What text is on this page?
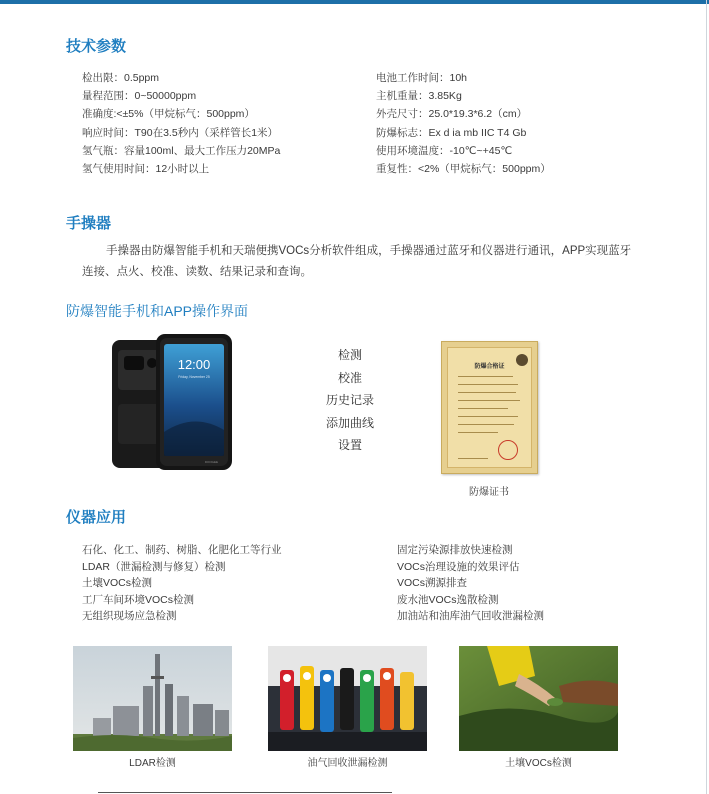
技术参数
检出限：0.5ppm
量程范围：0~50000ppm
准确度:<±5%（甲烷标气：500ppm）
响应时间：T90在3.5秒内（采样管长1米）
氢气瓶：容量100ml、最大工作压力20MPa
氢气使用时间：12小时以上
电池工作时间：10h
主机重量：3.85Kg
外壳尺寸：25.0*19.3*6.2（cm）
防爆标志：Ex d ia mb IIC T4 Gb
使用环境温度：-10℃~+45℃
重复性：<2%（甲烷标气：500ppm）
手操器
手操器由防爆智能手机和天瑞便携VOCs分析软件组成，手操器通过蓝牙和仪器进行通讯，APP实现蓝牙连接、点火、校准、读数、结果记录和查询。
防爆智能手机和APP操作界面
12:00
Friday, November 25
DOOGEE
检测
校准
历史记录
添加曲线
设置
防爆合格证
防爆证书
仪器应用
石化、化工、制药、树脂、化肥化工等行业
LDAR（泄漏检测与修复）检测
土壤VOCs检测
工厂车间环境VOCs检测
无组织现场应急检测
固定污染源排放快速检测
VOCs治理设施的效果评估
VOCs溯源排查
废水池VOCs逸散检测
加油站和油库油气回收泄漏检测
LDAR检测	油气回收泄漏检测	土壤VOCs检测
